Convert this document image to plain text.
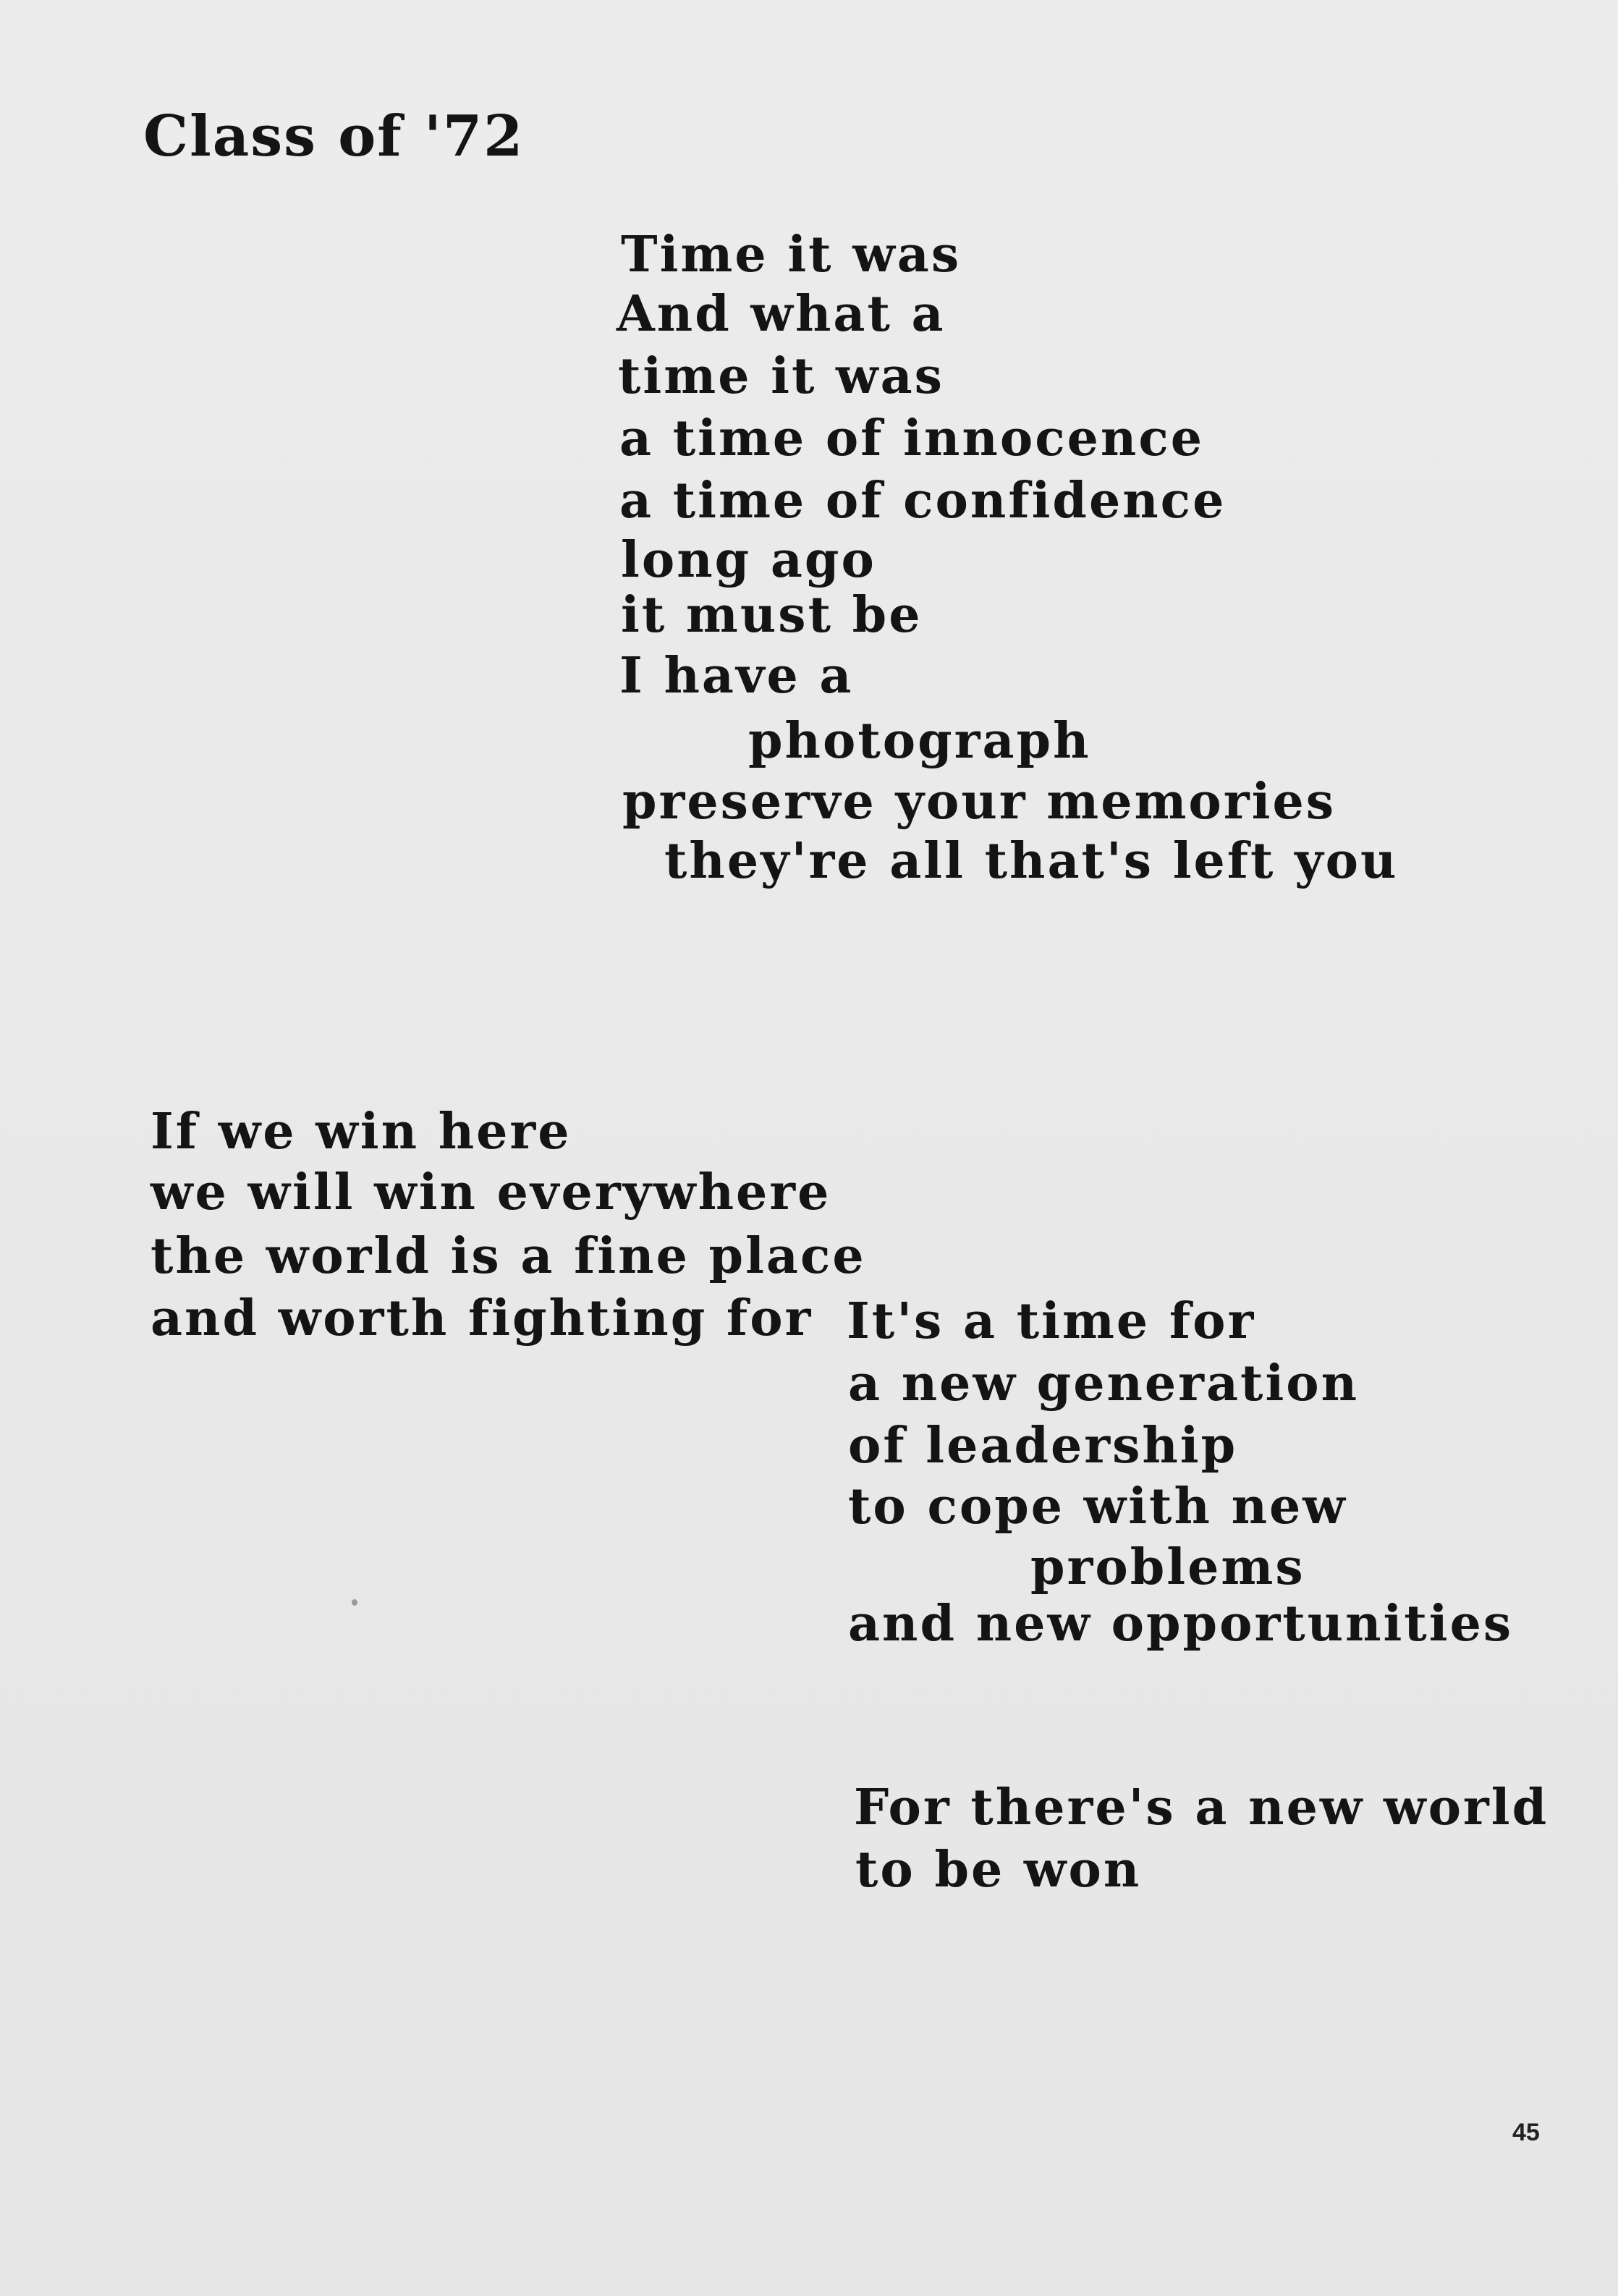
Class of '72
Time it was
And what a
time it was
a time of innocence
a time of confidence
long ago
it must be
I have a
photograph
preserve your memories
they're all that's left you
If we win here
we will win everywhere
the world is a fine place
and worth fighting for It's a time for
a new generation
of leadership
to cope with new
problems
and new opportunities
For there's a new world
to be won
45
